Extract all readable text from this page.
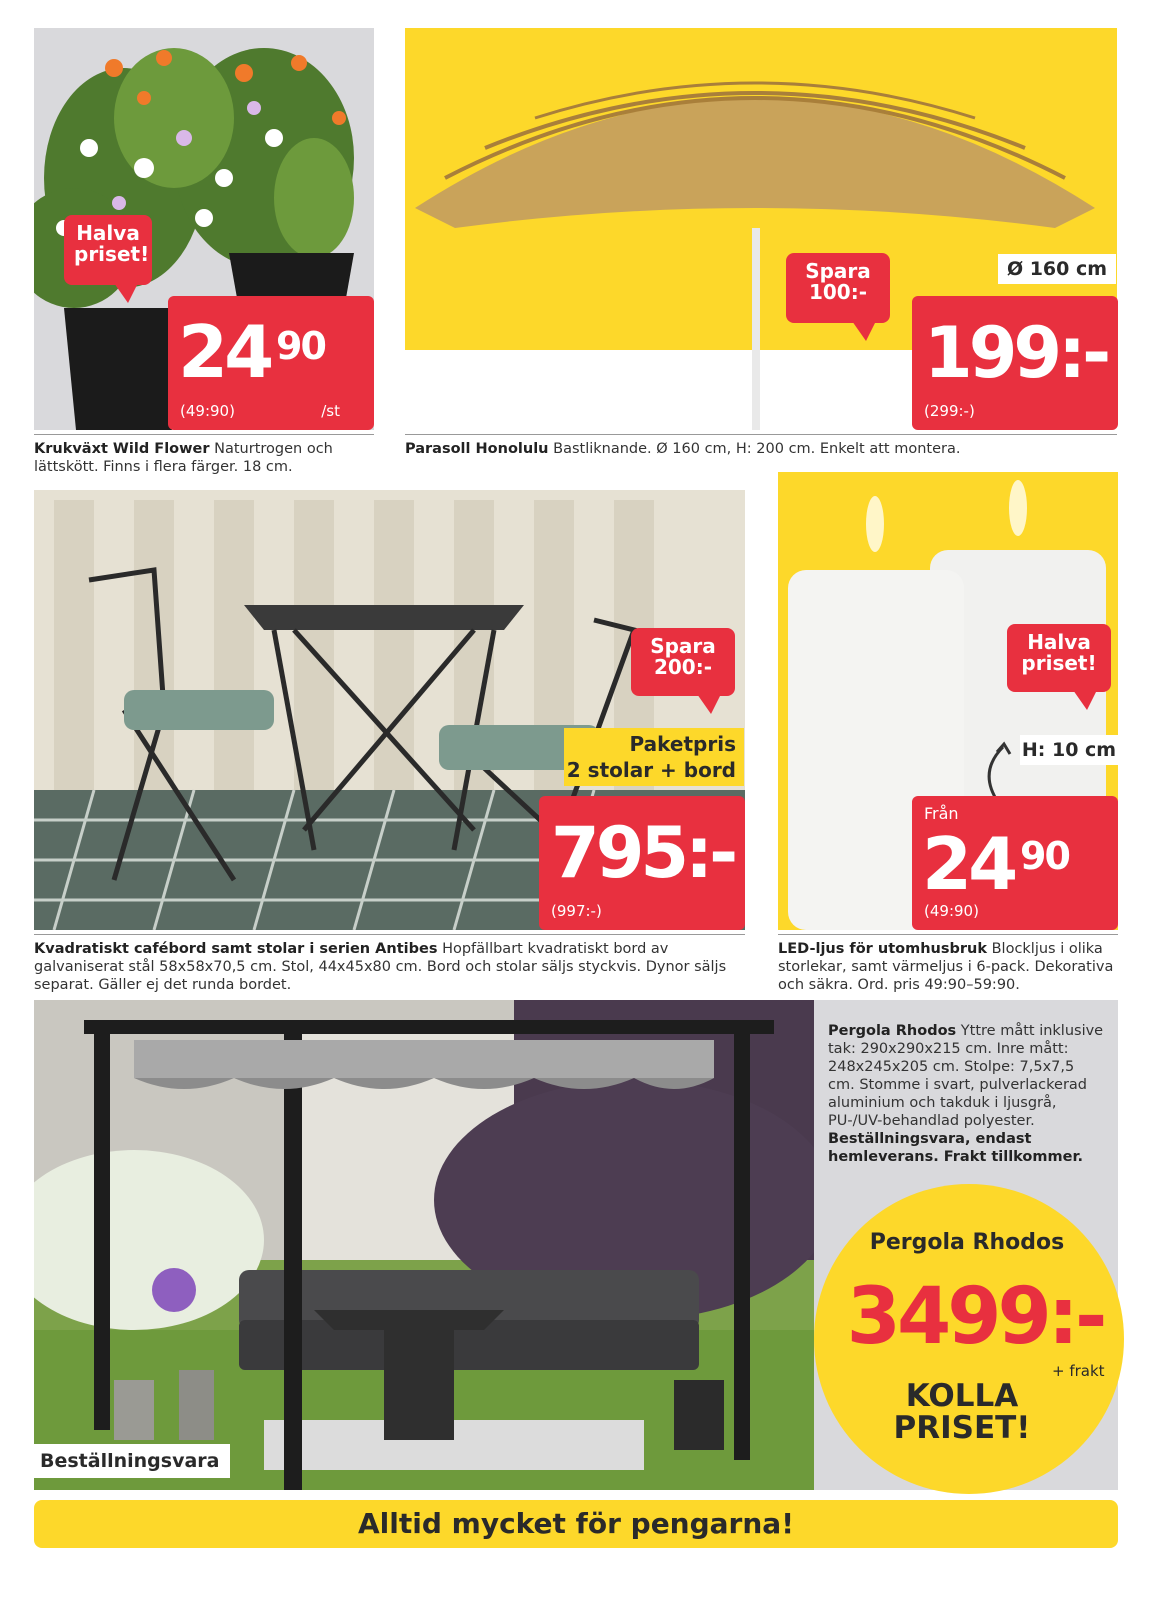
Halva priset!
24 90
(49:90)	/st
Krukväxt Wild Flower Naturtrogen och lättskött. Finns i flera färger. 18 cm.
Spara 100:-
Ø 160 cm
199:-
(299:-)
Parasoll Honolulu Bastliknande. Ø 160 cm, H: 200 cm. Enkelt att montera.
Spara 200:-
Paketpris
2 stolar + bord
795:-
(997:-)
Kvadratiskt cafébord samt stolar i serien Antibes Hopfällbart kvadratiskt bord av galvaniserat stål 58x58x70,5 cm. Stol, 44x45x80 cm. Bord och stolar säljs styckvis. Dynor säljs separat. Gäller ej det runda bordet.
Halva priset!
H: 10 cm
Från
24 90
(49:90)
LED-ljus för utomhusbruk Blockljus i olika storlekar, samt värmeljus i 6-pack. Dekorativa och säkra. Ord. pris 49:90–59:90.
Beställningsvara
Pergola Rhodos Yttre mått inklusive tak: 290x290x215 cm. Inre mått: 248x245x205 cm. Stolpe: 7,5x7,5 cm. Stomme i svart, pulverlackerad aluminium och takduk i ljusgrå, PU-/UV-behandlad polyester. Beställningsvara, endast hemleverans. Frakt tillkommer.
Pergola Rhodos
3499:-
+ frakt
KOLLA PRISET!
Alltid mycket för pengarna!
